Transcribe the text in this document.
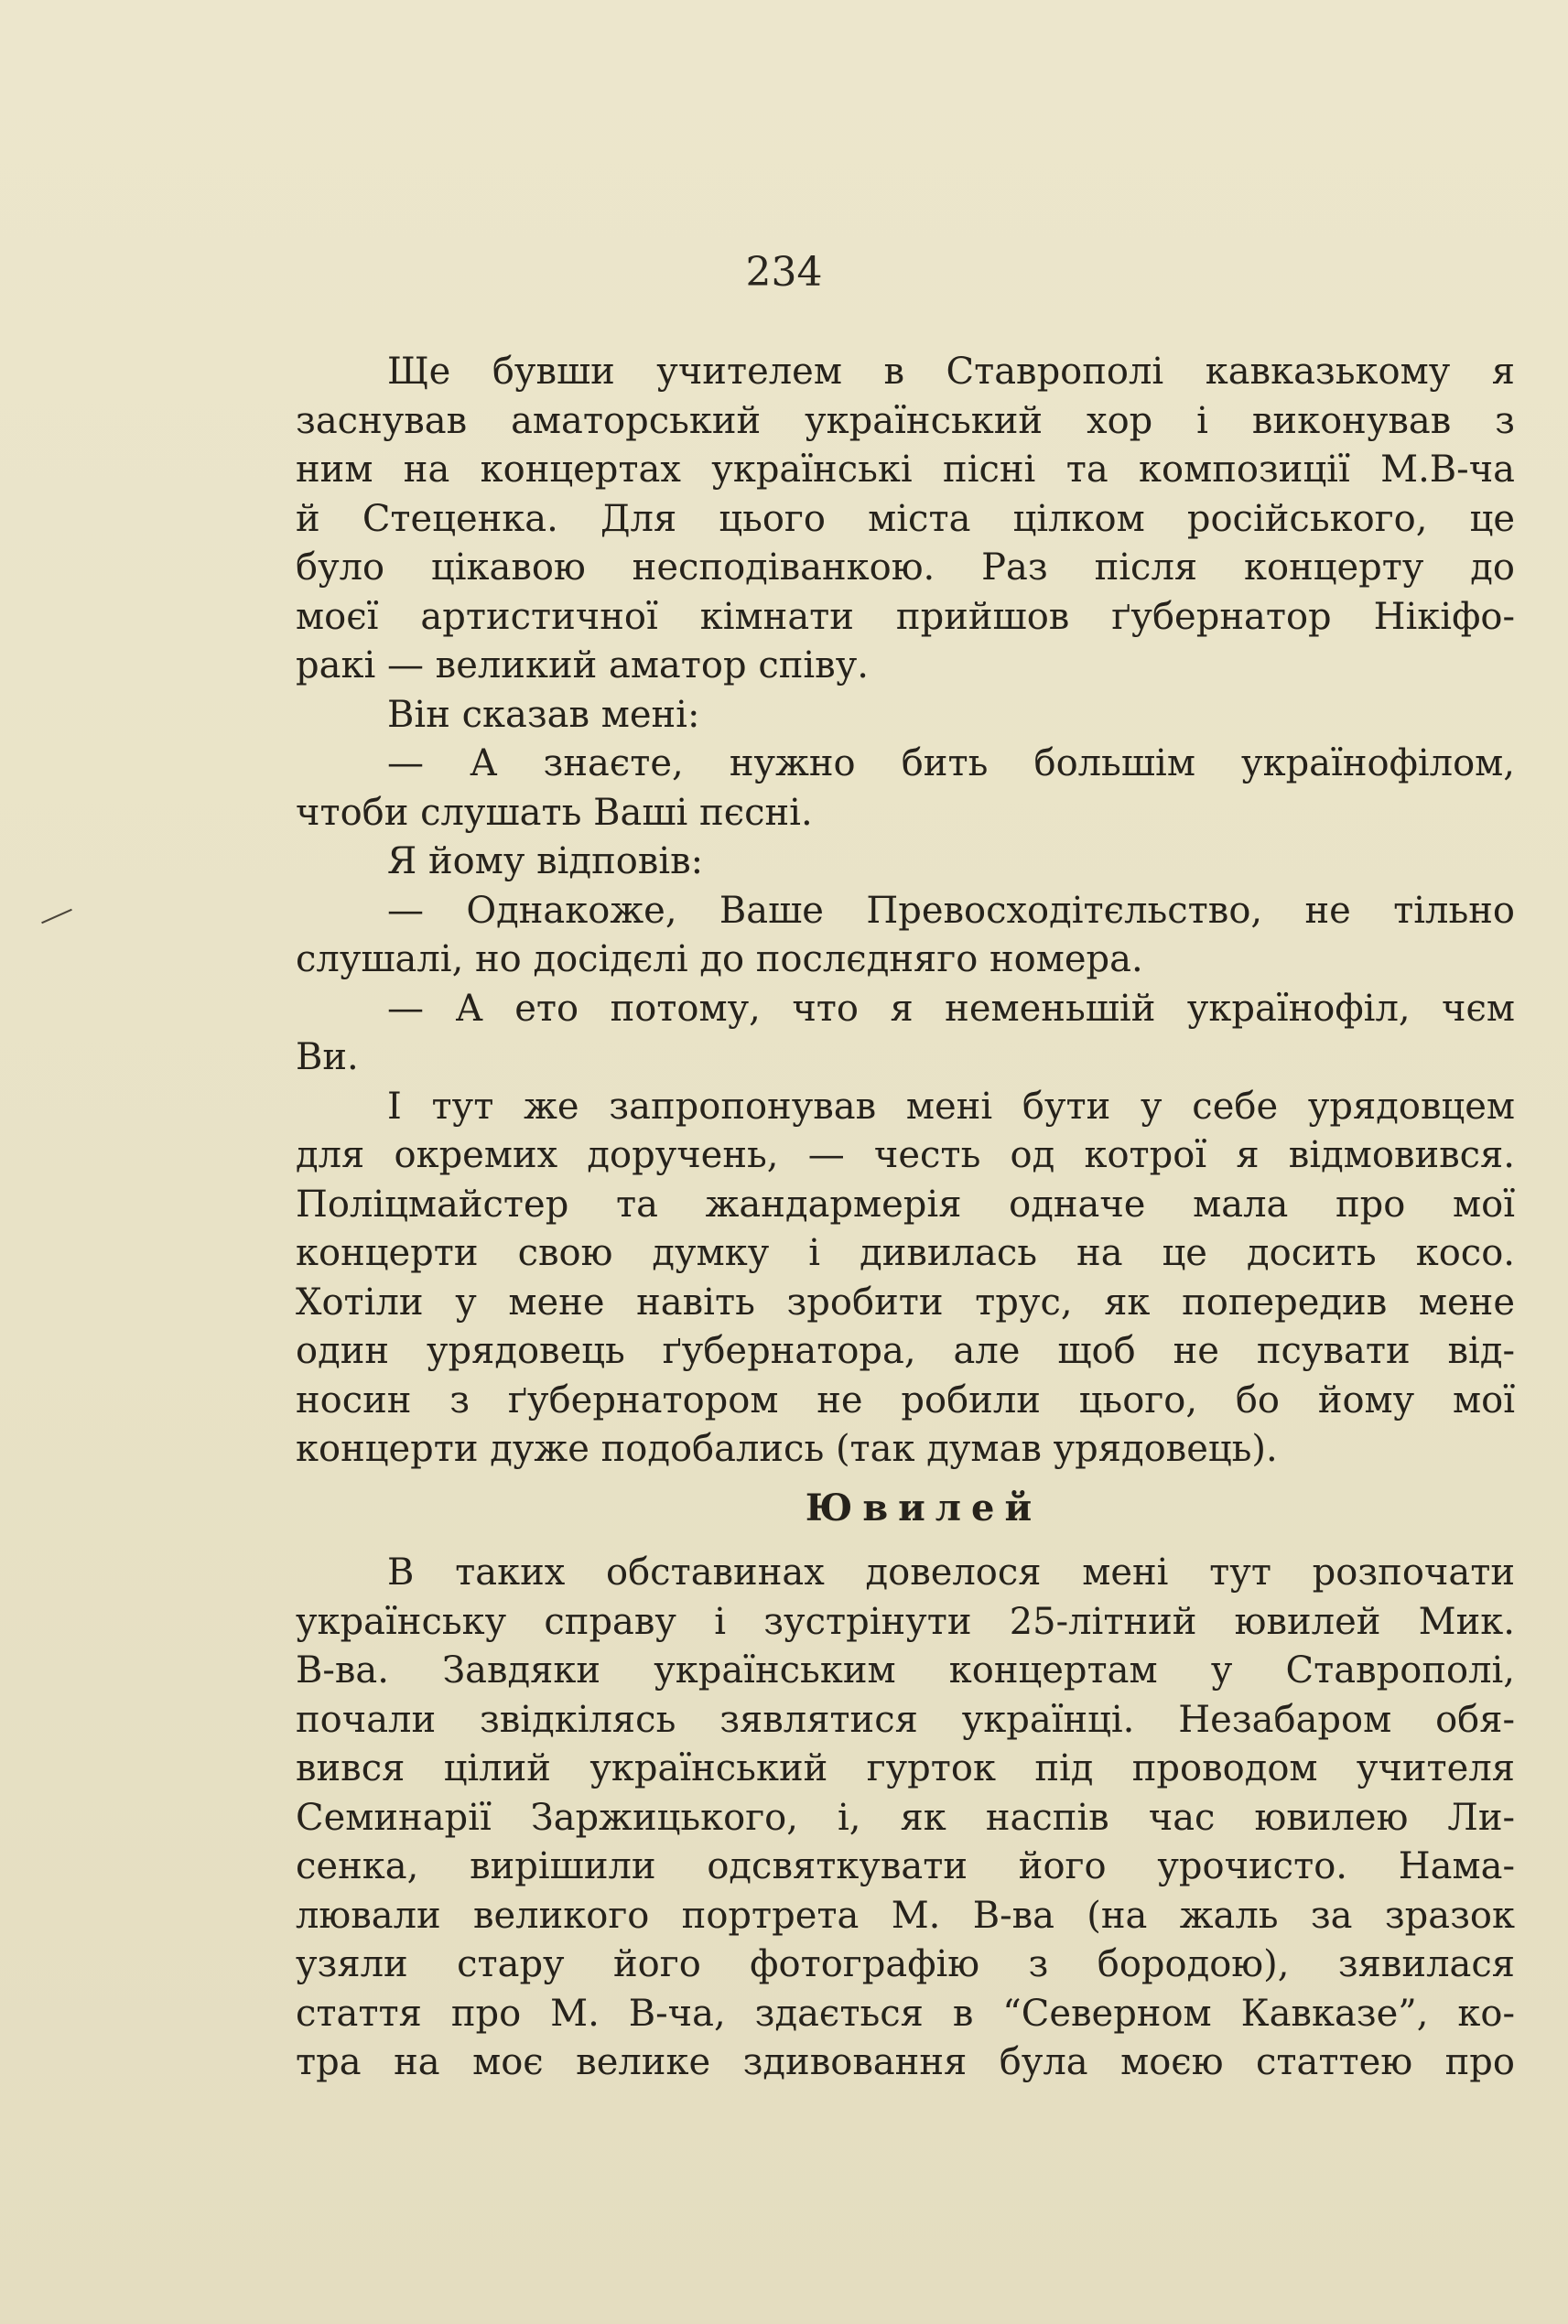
234
Ще бувши учителем в Ставрополі кавказькому я
заснував аматорський український хор і виконував з
ним на концертах українські пісні та композиції М.В-ча
й Стеценка. Для цього міста цілком російського, це
було цікавою несподіванкою. Раз після концерту до
моєї артистичної кімнати прийшов ґубернатор Нікіфо-
ракі — великий аматор співу.
Він сказав мені:
— А знаєте, нужно бить большім українофілом,
чтоби слушать Ваші пєсні.
Я йому відповів:
— Однакоже, Ваше Превосходітєльство, не тільно
слушалі, но досідєлі до послєдняго номера.
— А ето потому, что я неменьшій українофіл, чєм
Ви.
І тут же запропонував мені бути у себе урядовцем
для окремих доручень, — честь од котрої я відмовився.
Поліцмайстер та жандармерія одначе мала про мої
концерти свою думку і дивилась на це досить косо.
Хотіли у мене навіть зробити трус, як попередив мене
один урядовець ґубернатора, але щоб не псувати від-
носин з ґубернатором не робили цього, бо йому мої
концерти дуже подобались (так думав урядовець).
Ювилей
В таких обставинах довелося мені тут розпочати
українську справу і зустрінути 25-літний ювилей Мик.
В-ва. Завдяки українським концертам у Ставрополі,
почали звідкілясь зявлятися українці. Незабаром обя-
вився цілий український гурток під проводом учителя
Семинарії Заржицького, і, як наспів час ювилею Ли-
сенка, вирішили одсвяткувати його урочисто. Нама-
лювали великого портрета М. В-ва (на жаль за зразок
узяли стару його фотографію з бородою), зявилася
стаття про М. В-ча, здається в “Северном Кавказе”, ко-
тра на моє велике здивовання була моєю статтею про
